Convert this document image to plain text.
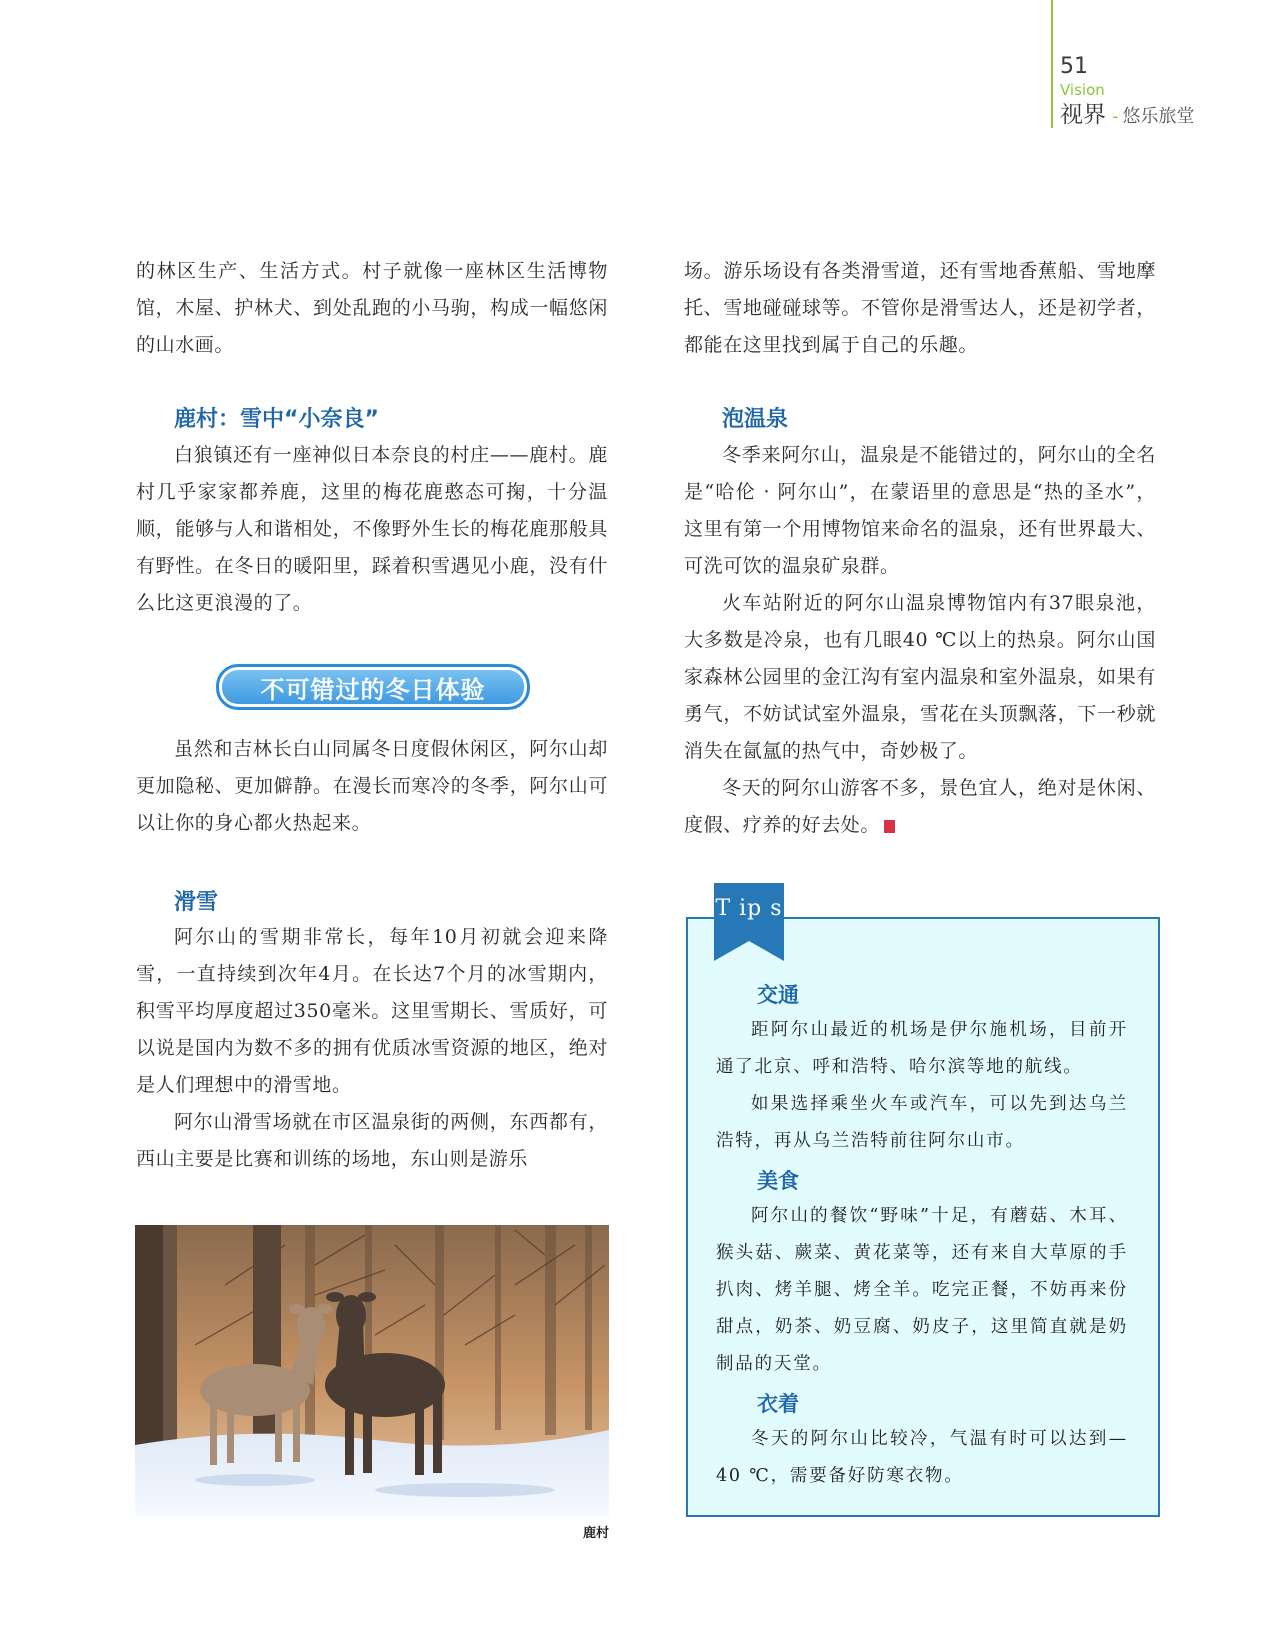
51
Vision
视界 - 悠乐旅堂

的林区生产、生活方式。村子就像一座林区生活博物馆，木屋、护林犬、到处乱跑的小马驹，构成一幅悠闲的山水画。

鹿村：雪中“小奈良”

白狼镇还有一座神似日本奈良的村庄——鹿村。鹿村几乎家家都养鹿，这里的梅花鹿憨态可掬，十分温顺，能够与人和谐相处，不像野外生长的梅花鹿那般具有野性。在冬日的暖阳里，踩着积雪遇见小鹿，没有什么比这更浪漫的了。

不可错过的冬日体验

虽然和吉林长白山同属冬日度假休闲区，阿尔山却更加隐秘、更加僻静。在漫长而寒冷的冬季，阿尔山可以让你的身心都火热起来。

滑雪

阿尔山的雪期非常长，每年10月初就会迎来降雪，一直持续到次年4月。在长达7个月的冰雪期内，积雪平均厚度超过350毫米。这里雪期长、雪质好，可以说是国内为数不多的拥有优质冰雪资源的地区，绝对是人们理想中的滑雪地。

阿尔山滑雪场就在市区温泉街的两侧，东西都有，西山主要是比赛和训练的场地，东山则是游乐

鹿村

场。游乐场设有各类滑雪道，还有雪地香蕉船、雪地摩托、雪地碰碰球等。不管你是滑雪达人，还是初学者，都能在这里找到属于自己的乐趣。

泡温泉

冬季来阿尔山，温泉是不能错过的，阿尔山的全名是“哈伦 · 阿尔山”，在蒙语里的意思是“热的圣水”，这里有第一个用博物馆来命名的温泉，还有世界最大、可洗可饮的温泉矿泉群。

火车站附近的阿尔山温泉博物馆内有37眼泉池，大多数是冷泉，也有几眼40 ℃以上的热泉。阿尔山国家森林公园里的金江沟有室内温泉和室外温泉，如果有勇气，不妨试试室外温泉，雪花在头顶飘落，下一秒就消失在氤氲的热气中，奇妙极了。

冬天的阿尔山游客不多，景色宜人，绝对是休闲、度假、疗养的好去处。

T ip s
交通

距阿尔山最近的机场是伊尔施机场，目前开通了北京、呼和浩特、哈尔滨等地的航线。

如果选择乘坐火车或汽车，可以先到达乌兰浩特，再从乌兰浩特前往阿尔山市。

美食

阿尔山的餐饮“野味”十足，有蘑菇、木耳、猴头菇、蕨菜、黄花菜等，还有来自大草原的手扒肉、烤羊腿、烤全羊。吃完正餐，不妨再来份甜点，奶茶、奶豆腐、奶皮子，这里简直就是奶制品的天堂。

衣着

冬天的阿尔山比较冷，气温有时可以达到—40 ℃，需要备好防寒衣物。
